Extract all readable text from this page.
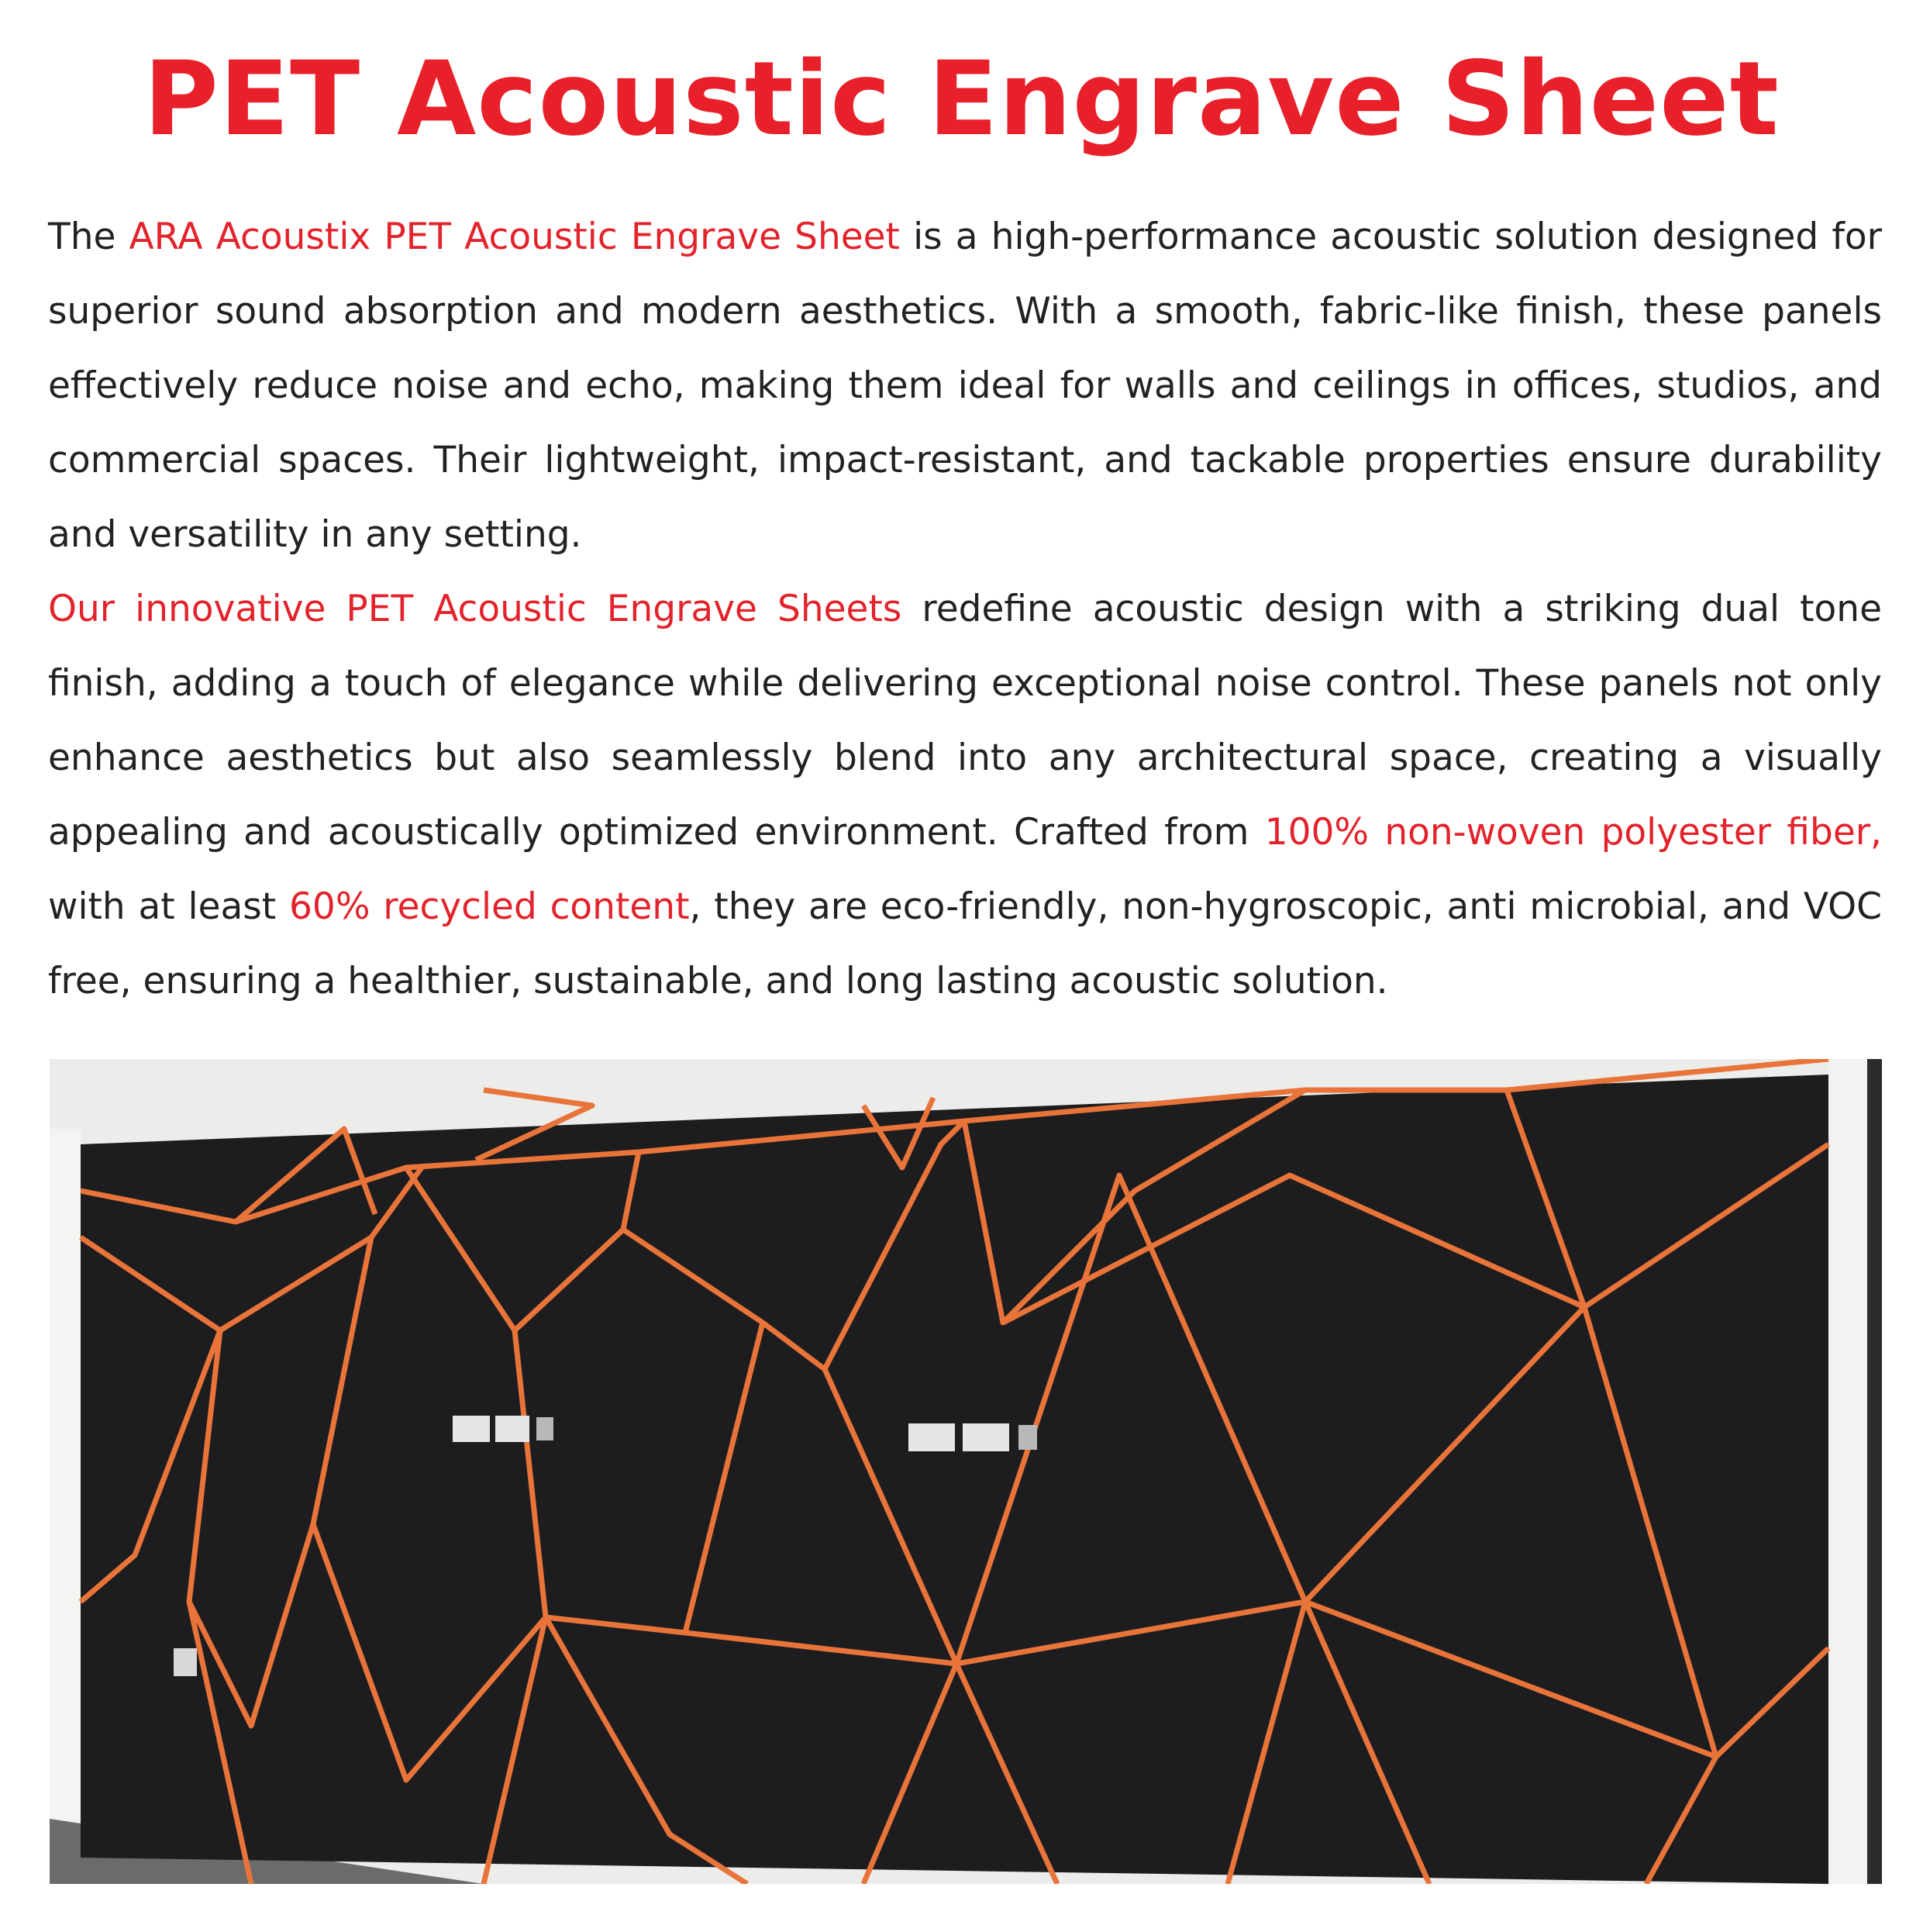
PET Acoustic Engrave Sheet

The ARA Acoustix PET Acoustic Engrave Sheet is a high-performance acoustic solution designed for superior sound absorption and modern aesthetics. With a smooth, fabric-like finish, these panels effectively reduce noise and echo, making them ideal for walls and ceilings in offices, studios, and commercial spaces. Their lightweight, impact-resistant, and tackable properties ensure durability and versatility in any setting.

Our innovative PET Acoustic Engrave Sheets redefine acoustic design with a striking dual tone finish, adding a touch of elegance while delivering exceptional noise control. These panels not only enhance aesthetics but also seamlessly blend into any architectural space, creating a visually appealing and acoustically optimized environment. Crafted from 100% non-woven polyester fiber, with at least 60% recycled content, they are eco-friendly, non-hygroscopic, anti microbial, and VOC free, ensuring a healthier, sustainable, and long lasting acoustic solution.
